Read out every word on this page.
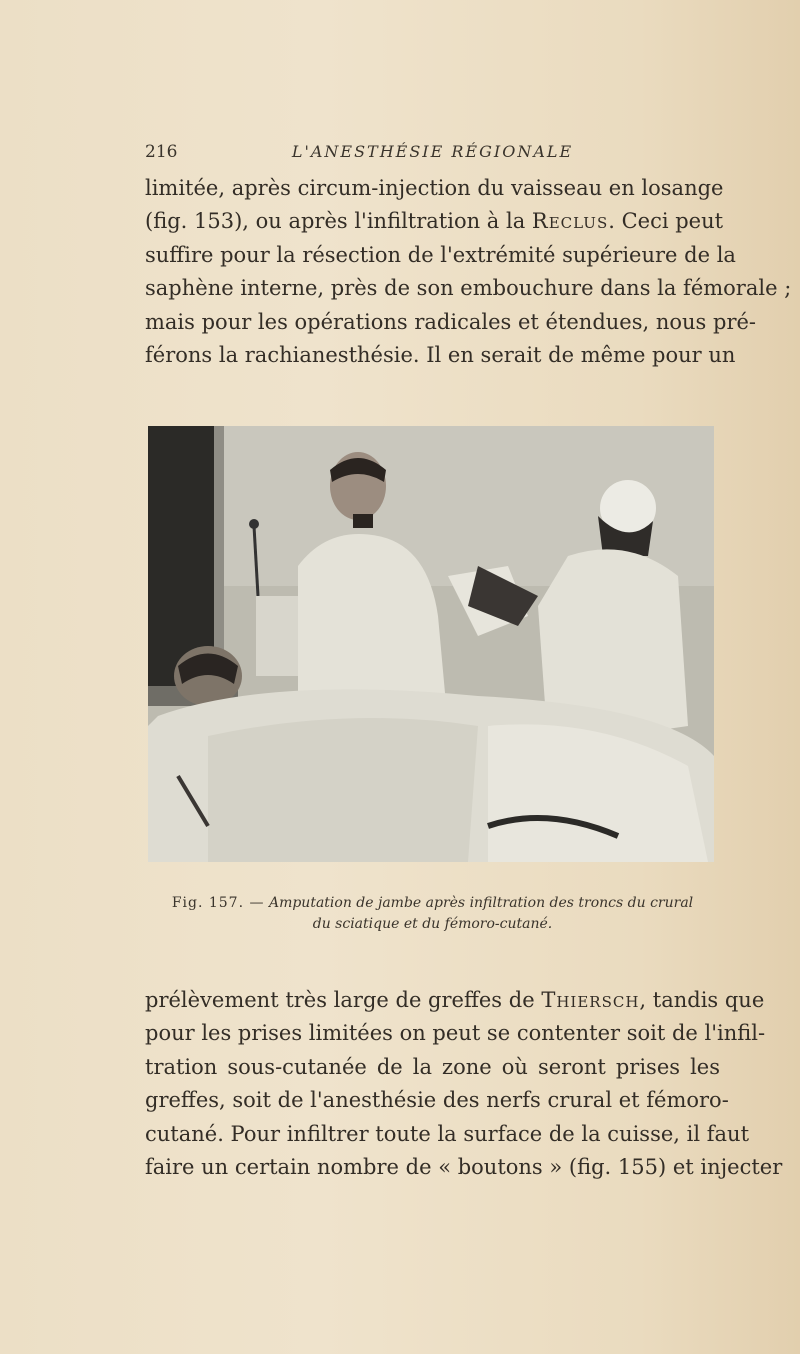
216	L'ANESTHÉSIE RÉGIONALE
limitée, après circum-injection du vaisseau en losange
(fig. 153), ou après l'infiltration à la Reclus. Ceci peut
suffire pour la résection de l'extrémité supérieure de la
saphène interne, près de son embouchure dans la fémorale ;
mais pour les opérations radicales et étendues, nous pré-
férons la rachianesthésie. Il en serait de même pour un
Fig. 157. — Amputation de jambe après infiltration des troncs du crural
du sciatique et du fémoro-cutané.
prélèvement très large de greffes de Thiersch, tandis que
pour les prises limitées on peut se contenter soit de l'infil-
tration sous-cutanée de la zone où seront prises les
greffes, soit de l'anesthésie des nerfs crural et fémoro-
cutané. Pour infiltrer toute la surface de la cuisse, il faut
faire un certain nombre de « boutons » (fig. 155) et injecter
